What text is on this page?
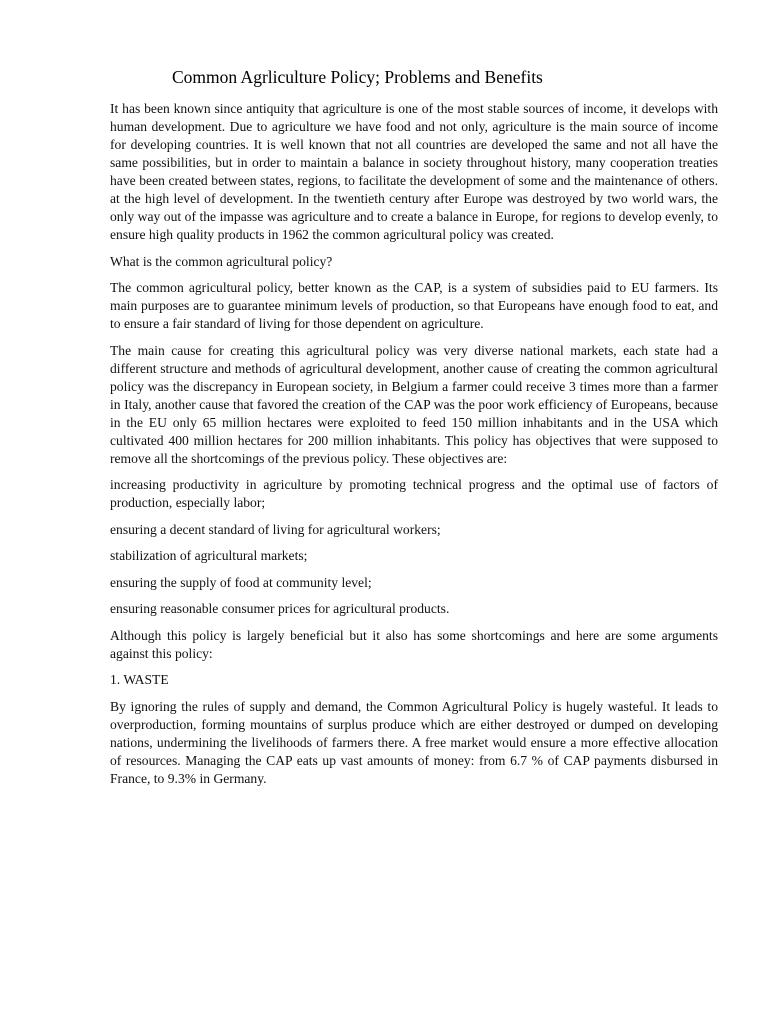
Common Agrliculture Policy; Problems and Benefits

It has been known since antiquity that agriculture is one of the most stable sources of income, it develops with human development. Due to agriculture we have food and not only, agriculture is the main source of income for developing countries. It is well known that not all countries are developed the same and not all have the same possibilities, but in order to maintain a balance in society throughout history, many cooperation treaties have been created between states, regions, to facilitate the development of some and the maintenance of others. at the high level of development. In the twentieth century after Europe was destroyed by two world wars, the only way out of the impasse was agriculture and to create a balance in Europe, for regions to develop evenly, to ensure high quality products in 1962 the common agricultural policy was created.

What is the common agricultural policy?

The common agricultural policy, better known as the CAP, is a system of subsidies paid to EU farmers. Its main purposes are to guarantee minimum levels of production, so that Europeans have enough food to eat, and to ensure a fair standard of living for those dependent on agriculture.

The main cause for creating this agricultural policy was very diverse national markets, each state had a different structure and methods of agricultural development, another cause of creating the common agricultural policy was the discrepancy in European society, in Belgium a farmer could receive 3 times more than a farmer in Italy, another cause that favored the creation of the CAP was the poor work efficiency of Europeans, because in the EU only 65 million hectares were exploited to feed 150 million inhabitants and in the USA which cultivated 400 million hectares for 200 million inhabitants. This policy has objectives that were supposed to remove all the shortcomings of the previous policy. These objectives are:

increasing productivity in agriculture by promoting technical progress and the optimal use of factors of production, especially labor;

ensuring a decent standard of living for agricultural workers;

stabilization of agricultural markets;

ensuring the supply of food at community level;

ensuring reasonable consumer prices for agricultural products.

Although this policy is largely beneficial but it also has some shortcomings and here are some arguments against this policy:

1. WASTE

By ignoring the rules of supply and demand, the Common Agricultural Policy is hugely wasteful. It leads to overproduction, forming mountains of surplus produce which are either destroyed or dumped on developing nations, undermining the livelihoods of farmers there. A free market would ensure a more effective allocation of resources. Managing the CAP eats up vast amounts of money: from 6.7 % of CAP payments disbursed in France, to 9.3% in Germany.
